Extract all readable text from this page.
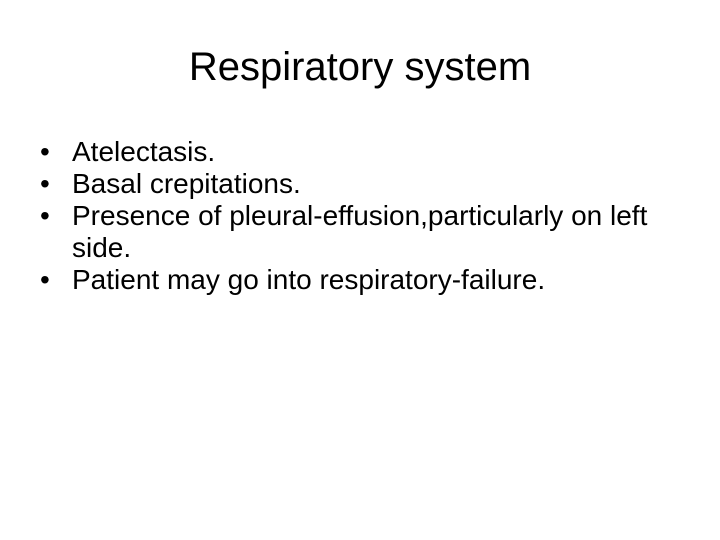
Respiratory system
• Atelectasis.
• Basal crepitations.
• Presence of pleural-effusion,particularly on left side.
• Patient may go into respiratory-failure.
